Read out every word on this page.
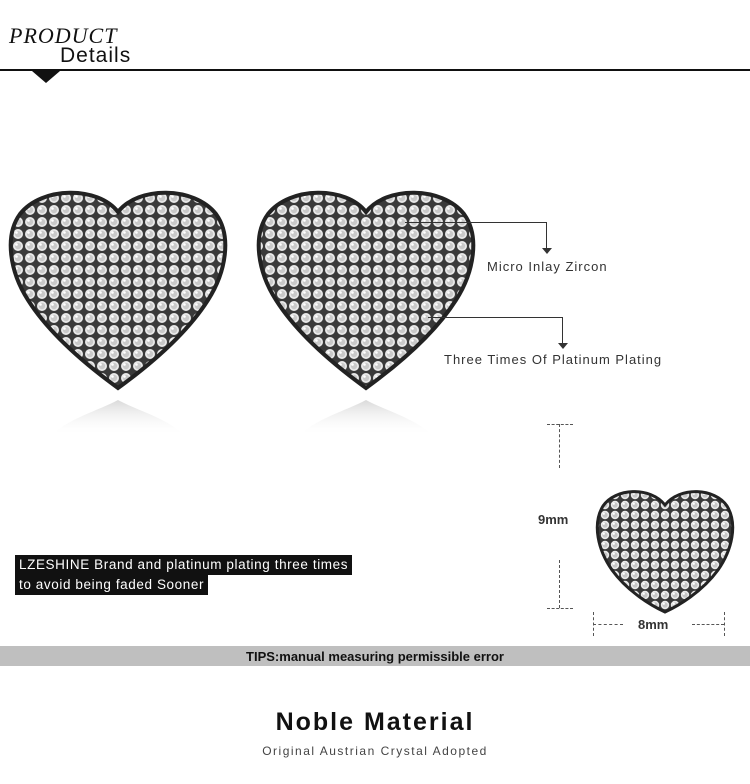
PRODUCT
Details
Micro Inlay Zircon
Three Times Of Platinum Plating
LZESHINE Brand and platinum plating three times
to avoid being faded Sooner
9mm
8mm
TIPS:manual measuring permissible error
Noble Material
Original Austrian Crystal Adopted
